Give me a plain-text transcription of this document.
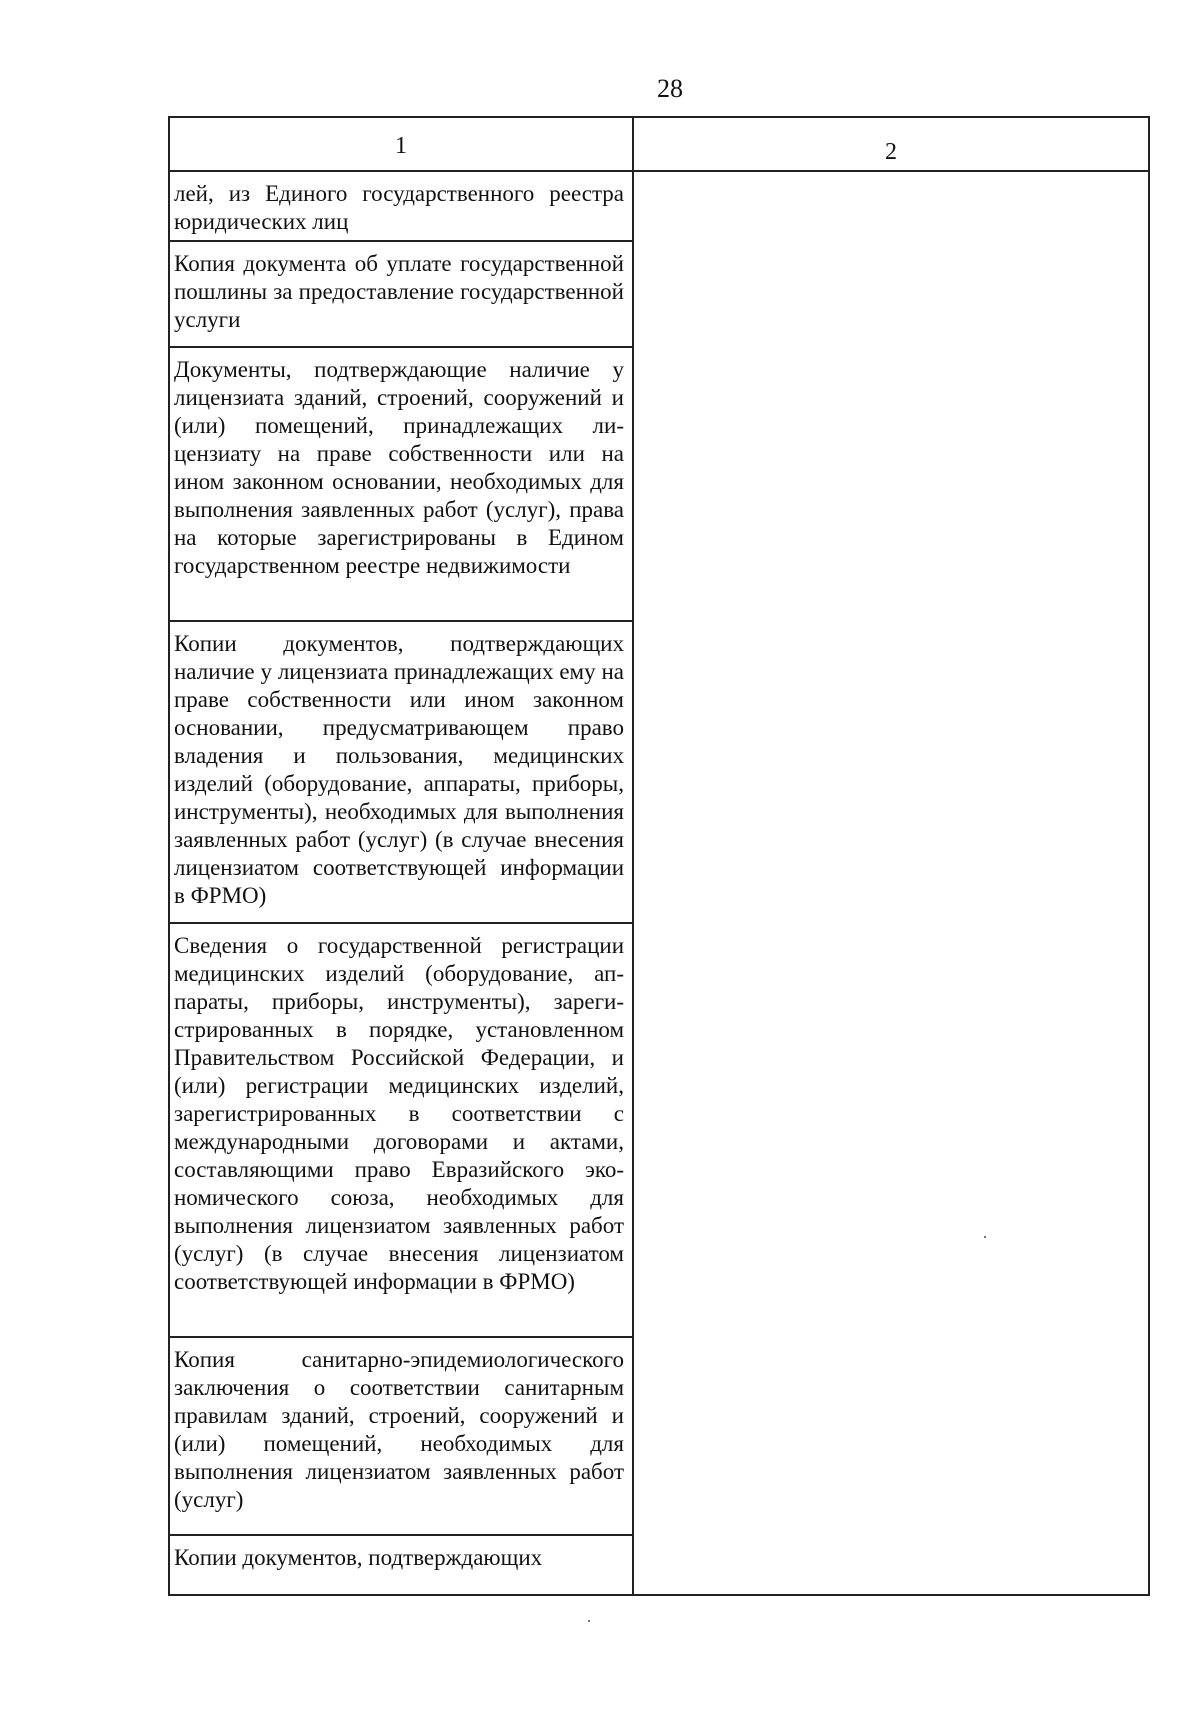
28
1	2
лей, из Единого государственного реестра юридических лиц
Копия документа об уплате государственной пошлины за предоставление государственной услуги
Документы, подтверждающие наличие у лицензиата зданий, строений, сооружений и (или) помещений, принадлежащих лицензиату на праве собственности или на ином законном основании, необходимых для выполнения заявленных работ (услуг), права на которые зарегистрированы в Едином государственном реестре недвижимости
Копии документов, подтверждающих наличие у лицензиата принадлежащих ему на праве собственности или ином законном основании, предусматривающем право владения и пользования, медицинских изделий (оборудование, аппараты, приборы, инструменты), необходимых для выполнения заявленных работ (услуг) (в случае внесения лицензиатом соответствующей информации в ФРМО)
Сведения о государственной регистрации медицинских изделий (оборудование, аппараты, приборы, инструменты), зарегистрированных в порядке, установленном Правительством Российской Федерации, и (или) регистрации медицинских изделий, зарегистрированных в соответствии с международными договорами и актами, составляющими право Евразийского экономического союза, необходимых для выполнения лицензиатом заявленных работ (услуг) (в случае внесения лицензиатом соответствующей информации в ФРМО)
Копия санитарно-эпидемиологического заключения о соответствии санитарным правилам зданий, строений, сооружений и (или) помещений, необходимых для выполнения лицензиатом заявленных работ (услуг)
Копии документов, подтверждающих
